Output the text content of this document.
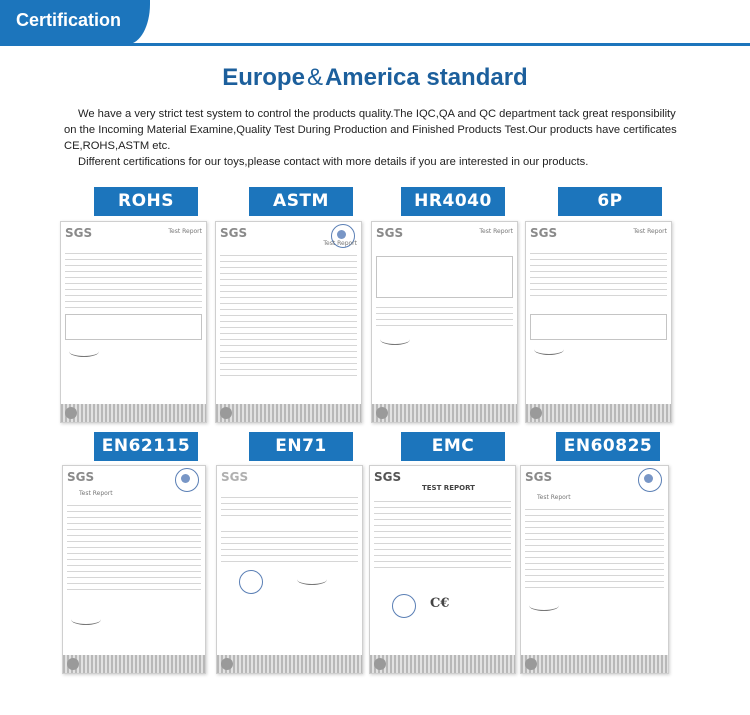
Certification
Europe&America standard

We have a very strict test system to control the products quality.The IQC,QA and QC department tack great responsibility on the Incoming Material Examine,Quality Test During Production and Finished Products Test.Our products have certificates CE,ROHS,ASTM etc.

Different certifications for our toys,please contact with more details if you are interested in our products.

ROHS
SGS	Test Report
ASTM
SGS
Test Report
HR4040
SGS	Test Report
6P
SGS	Test Report
EN62115
SGS
Test Report
EN71
SGS
EMC
SGS
TEST REPORT
C€
EN60825
SGS
Test Report
